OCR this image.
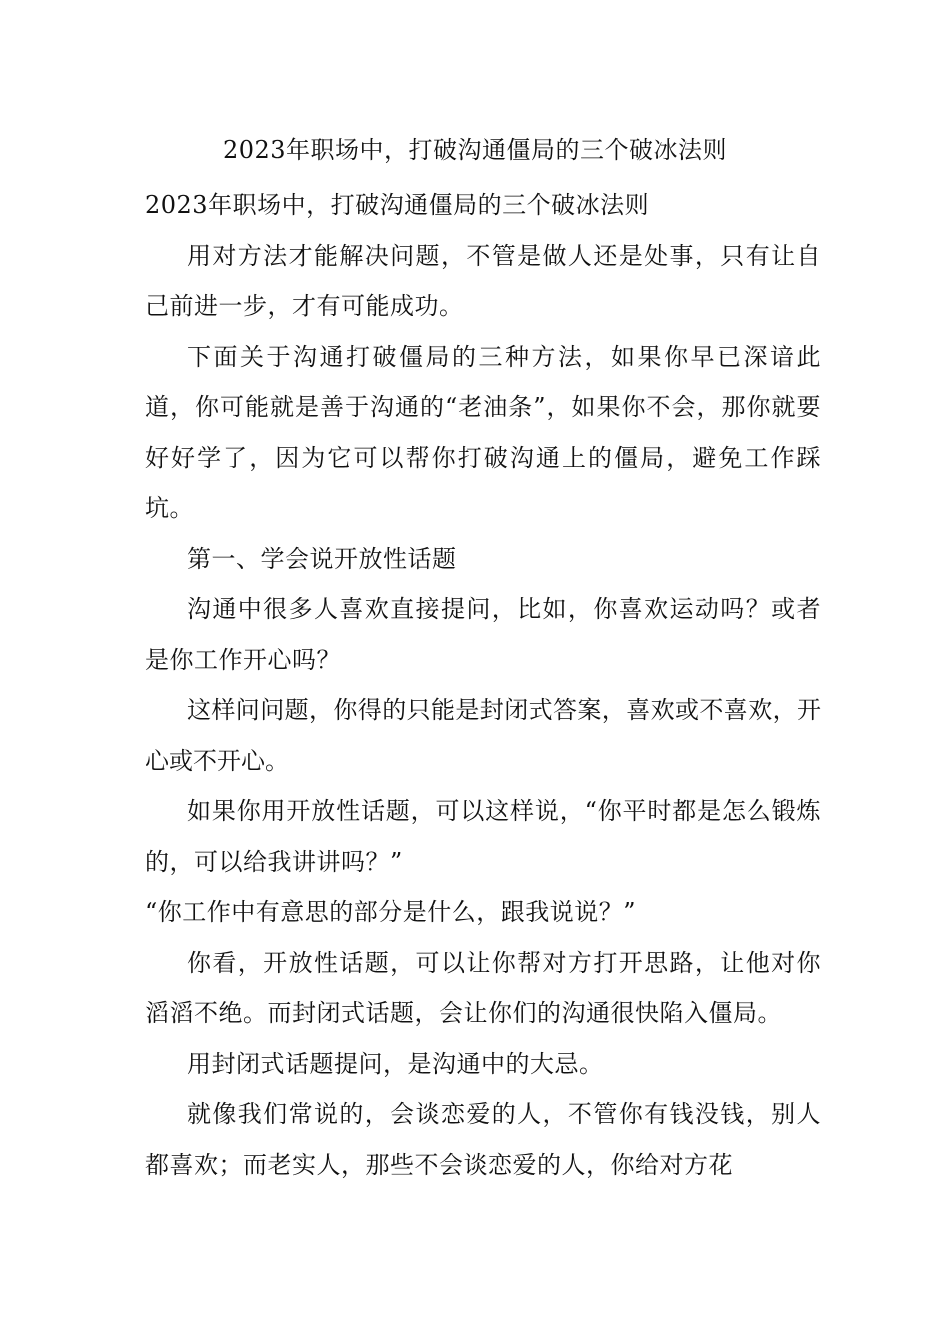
2023年职场中，打破沟通僵局的三个破冰法则

2023年职场中，打破沟通僵局的三个破冰法则

用对方法才能解决问题，不管是做人还是处事，只有让自己前进一步，才有可能成功。

下面关于沟通打破僵局的三种方法，如果你早已深谙此道，你可能就是善于沟通的“老油条”，如果你不会，那你就要好好学了，因为它可以帮你打破沟通上的僵局，避免工作踩坑。

第一、学会说开放性话题

沟通中很多人喜欢直接提问，比如，你喜欢运动吗？或者是你工作开心吗？

这样问问题，你得的只能是封闭式答案，喜欢或不喜欢，开心或不开心。

如果你用开放性话题，可以这样说，“你平时都是怎么锻炼的，可以给我讲讲吗？”

“你工作中有意思的部分是什么，跟我说说？”

你看，开放性话题，可以让你帮对方打开思路，让他对你滔滔不绝。而封闭式话题，会让你们的沟通很快陷入僵局。

用封闭式话题提问，是沟通中的大忌。

就像我们常说的，会谈恋爱的人，不管你有钱没钱，别人都喜欢；而老实人，那些不会谈恋爱的人，你给对方花
